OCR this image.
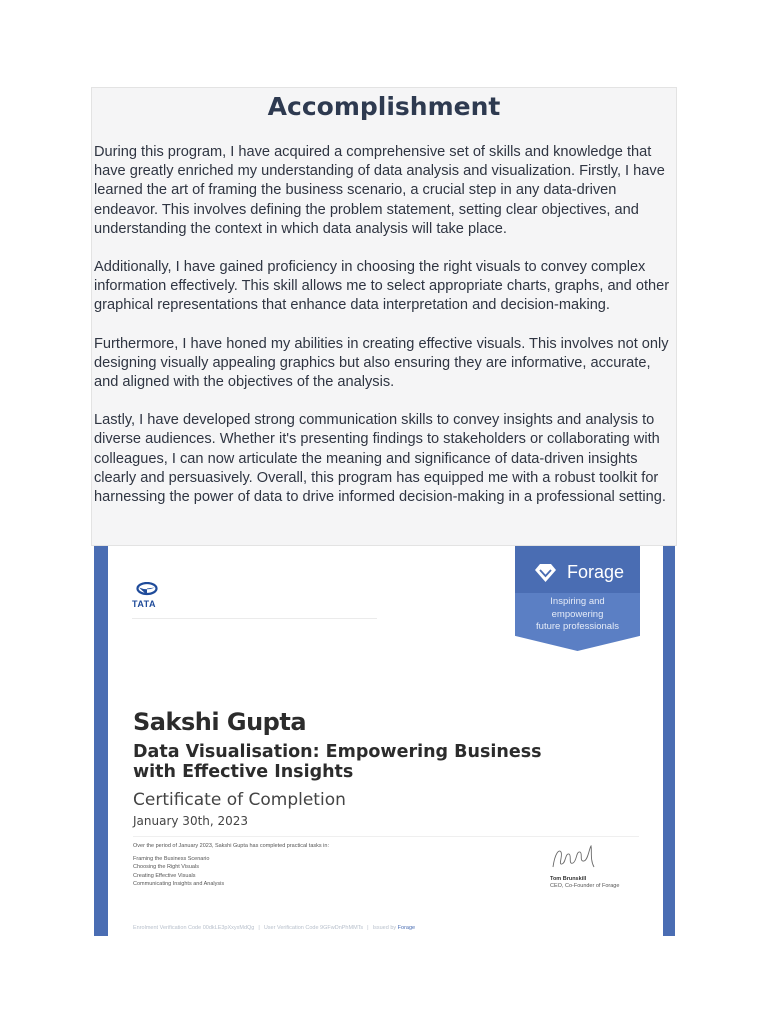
Accomplishment

During this program, I have acquired a comprehensive set of skills and knowledge that have greatly enriched my understanding of data analysis and visualization. Firstly, I have learned the art of framing the business scenario, a crucial step in any data-driven endeavor. This involves defining the problem statement, setting clear objectives, and understanding the context in which data analysis will take place.

Additionally, I have gained proficiency in choosing the right visuals to convey complex information effectively. This skill allows me to select appropriate charts, graphs, and other graphical representations that enhance data interpretation and decision-making.

Furthermore, I have honed my abilities in creating effective visuals. This involves not only designing visually appealing graphics but also ensuring they are informative, accurate, and aligned with the objectives of the analysis.

Lastly, I have developed strong communication skills to convey insights and analysis to diverse audiences. Whether it's presenting findings to stakeholders or collaborating with colleagues, I can now articulate the meaning and significance of data-driven insights clearly and persuasively. Overall, this program has equipped me with a robust toolkit for harnessing the power of data to drive informed decision-making in a professional setting.

TATA
Forage
Inspiring and
empowering
future professionals
Sakshi Gupta
Data Visualisation: Empowering Business
with Effective Insights
Certificate of Completion
January 30th, 2023
Over the period of January 2023, Sakshi Gupta has completed practical tasks in:
Framing the Business Scenario
Choosing the Right Visuals
Creating Effective Visuals
Communicating Insights and Analysis
Tom Brunskill
CEO, Co-Founder of Forage
Enrolment Verification Code 00dkLE3pXxyxMdQg | User Verification Code 9GFwDnPhMMTs | Issued by Forage
